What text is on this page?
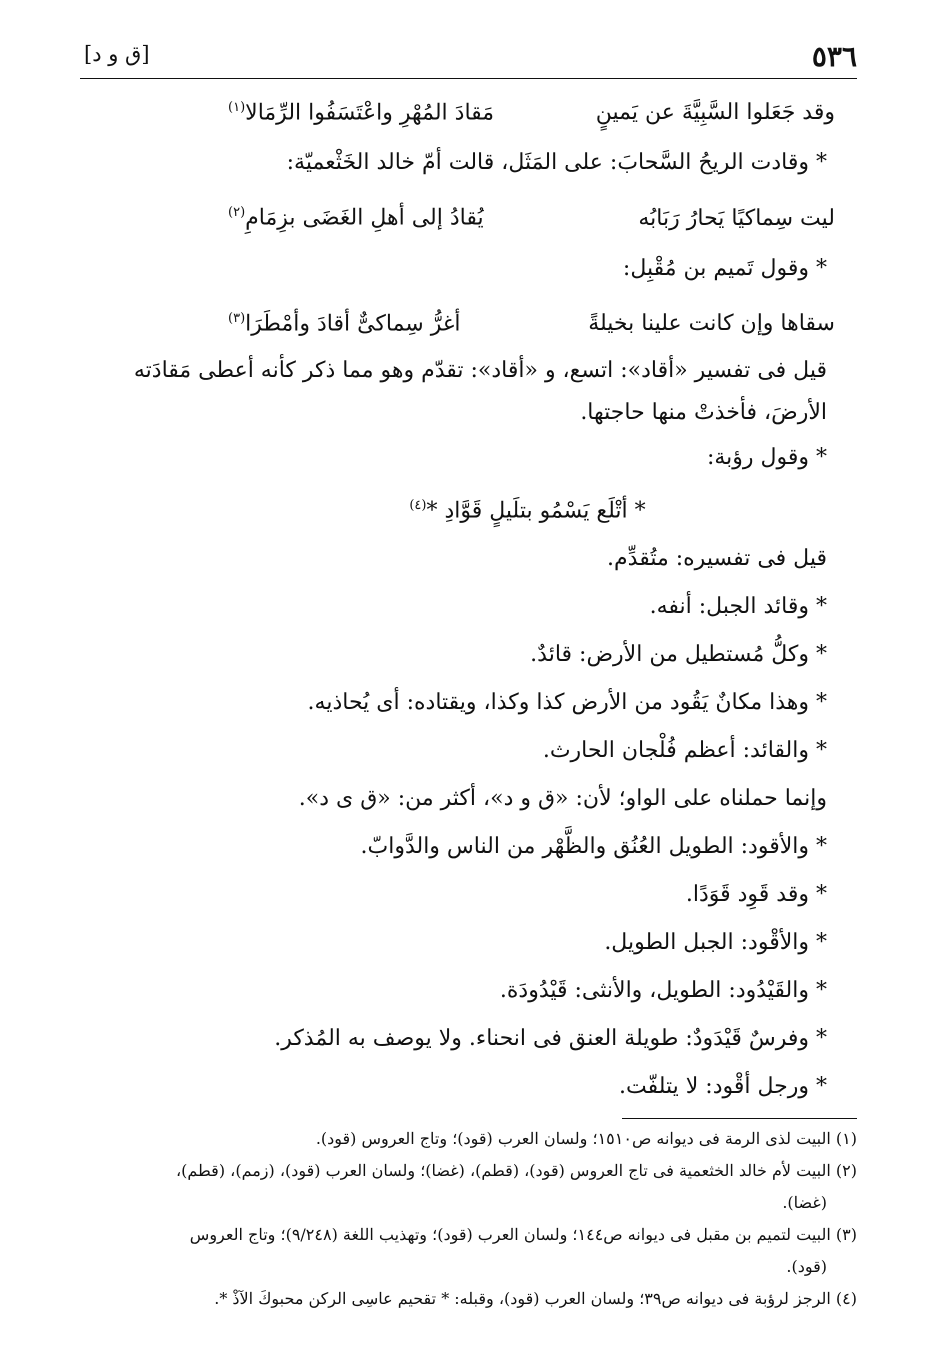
٥٣٦
[ق و د]
وقد جَعَلوا السَّبِيَّةَ عن يَمينٍ
مَقادَ المُهْرِ واعْتَسَفُوا الرِّمَالا$^{(١)}$
* وقادت الريحُ السَّحابَ: على المَثَل، قالت أمّ خالد الخَثْعميّة:
ليت سِماكيًا يَحارُ رَبَابُه
يُقادُ إلى أهلِ الغَضَى بزِمَامِ$^{(٢)}$
* وقول تَميم بن مُقْبِل:
سقاها وإن كانت علينا بخيلةً
أغرُّ سِماكىٌّ أقادَ وأمْطَرَا$^{(٣)}$
قيل فى تفسير «أقاد»: اتسع، و «أقاد»: تقدّم وهو مما ذكر كأنه أعطى مَقادَته الأرضَ، فأخذتْ منها حاجتها.
* وقول رؤبة:
* أتْلَع يَسْمُو بتلَيلٍ قَوَّادِ *$^{(٤)}$
قيل فى تفسيره: متُقدِّم.
* وقائد الجبل: أنفه.
* وكلُّ مُستطيل من الأرض: قائدٌ.
* وهذا مكانٌ يَقُود من الأرض كذا وكذا، ويقتاده: أى يُحاذيه.
* والقائد: أعظم فُلْجان الحارث.
وإنما حملناه على الواو؛ لأن: «ق و د»، أكثر من: «ق ى د».
* والأقود: الطويل العُنُق والظَّهْر من الناس والدَّوابّ.
* وقد قَوِد قَوَدًا.
* والأقْود: الجبل الطويل.
* والقَيْدُود: الطويل، والأنثى: قَيْدُودَة.
* وفرسٌ قَيْدَودٌ: طويلة العنق فى انحناء. ولا يوصف به المُذكر.
* ورجل أقْود: لا يتلفّت.
(١) البيت لذى الرمة فى ديوانه ص١٥١٠؛ ولسان العرب (قود)؛ وتاج العروس (قود).
(٢) البيت لأم خالد الخثعمية فى تاج العروس (قود)، (قطم)، (غضا)؛ ولسان العرب (قود)، (زمم)، (قطم)،
(غضا).
(٣) البيت لتميم بن مقبل فى ديوانه ص١٤٤؛ ولسان العرب (قود)؛ وتهذيب اللغة (٩/٢٤٨)؛ وتاج العروس
(قود).
(٤) الرجز لرؤبة فى ديوانه ص٣٩؛ ولسان العرب (قود)، وقبله: * تقحيم عاسِى الركن محبوكَ الآذْ *.
